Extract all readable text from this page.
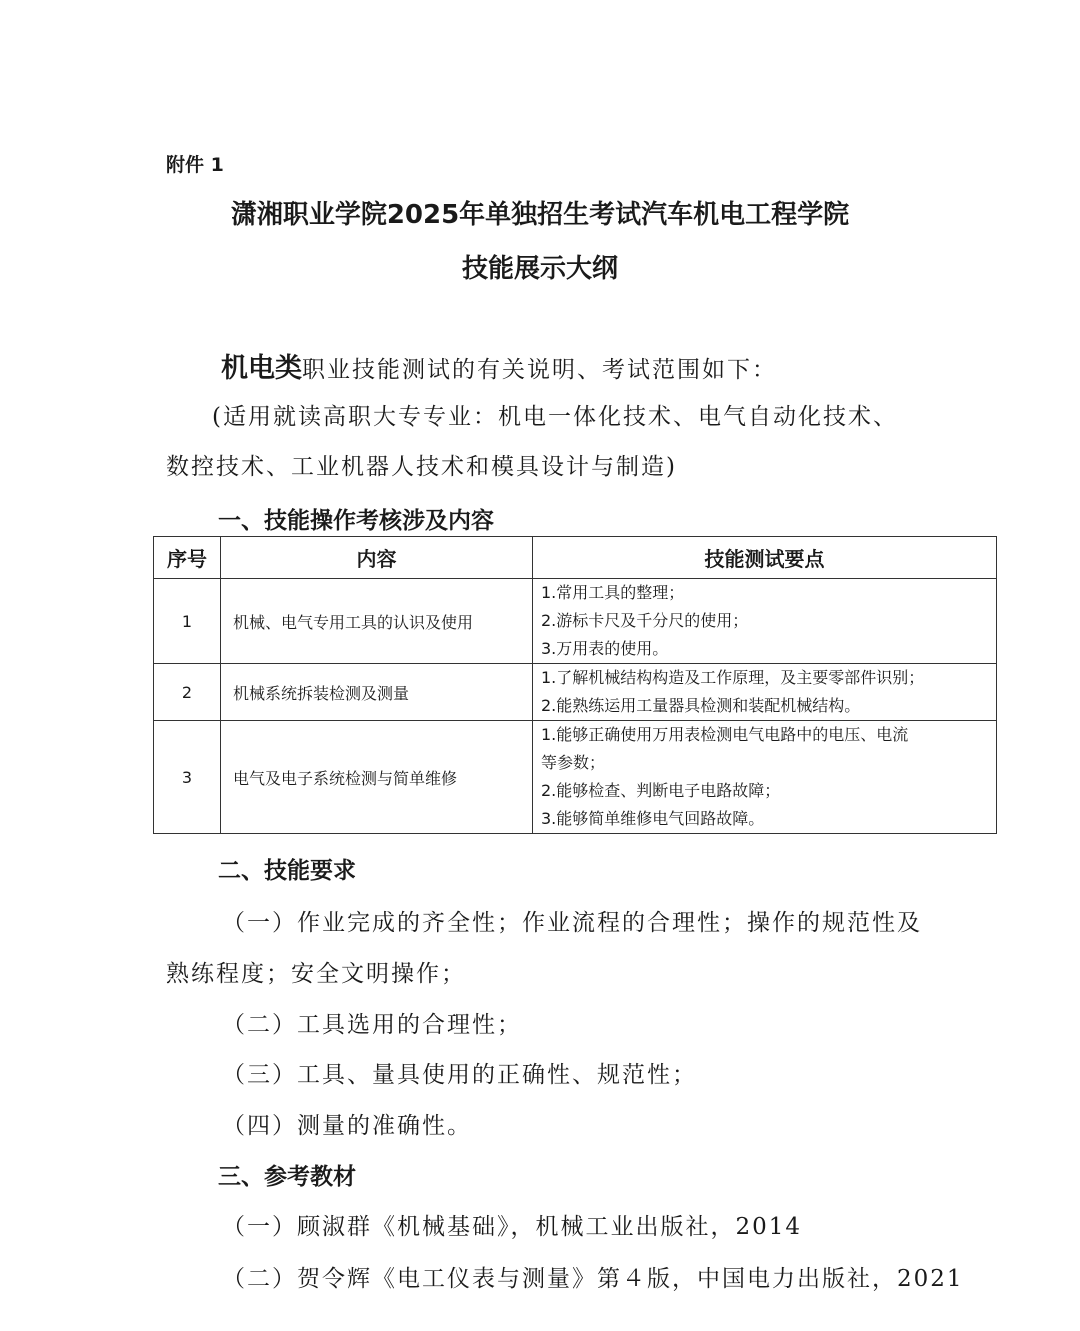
附件 1
潇湘职业学院2025年单独招生考试汽车机电工程学院
技能展示大纲
机电类职业技能测试的有关说明、考试范围如下：
(适用就读高职大专专业：机电一体化技术、电气自动化技术、
数控技术、工业机器人技术和模具设计与制造)
一、技能操作考核涉及内容
序号	内容	技能测试要点
1	机械、电气专用工具的认识及使用	1.常用工具的整理；
2.游标卡尺及千分尺的使用；
3.万用表的使用。

2	机械系统拆装检测及测量	1.了解机械结构构造及工作原理，及主要零部件识别；
2.能熟练运用工量器具检测和装配机械结构。

3	电气及电子系统检测与简单维修	1.能够正确使用万用表检测电气电路中的电压、电流
等参数；
2.能够检查、判断电子电路故障；
3.能够简单维修电气回路故障。
二、技能要求
（一）作业完成的齐全性；作业流程的合理性；操作的规范性及
熟练程度；安全文明操作；
（二）工具选用的合理性；
（三）工具、量具使用的正确性、规范性；
（四）测量的准确性。
三、参考教材
（一）顾淑群《机械基础》，机械工业出版社，2014
（二）贺令辉《电工仪表与测量》第４版，中国电力出版社，2021
